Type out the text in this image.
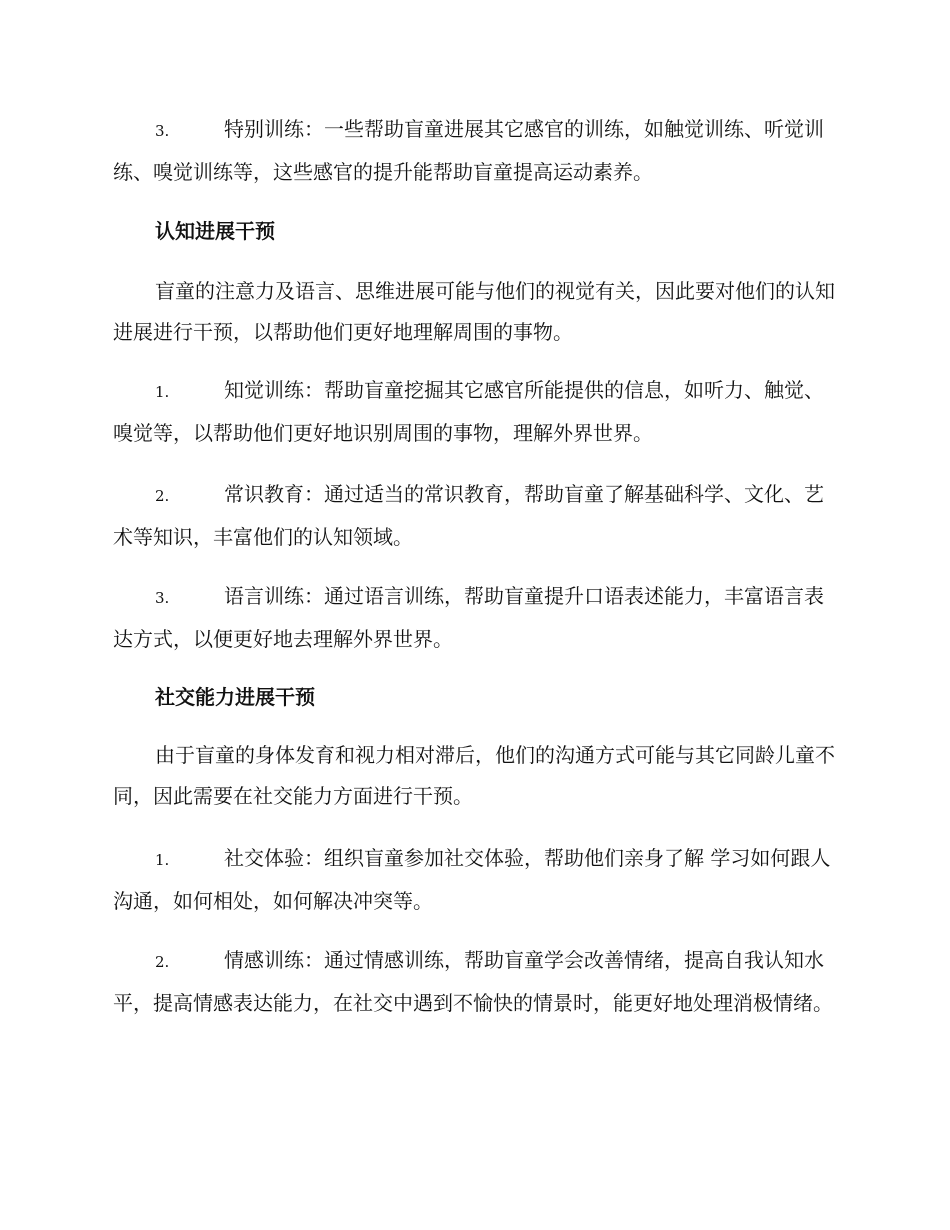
3.	特别训练：一些帮助盲童进展其它感官的训练，如触觉训练、听觉训练、嗅觉训练等，这些感官的提升能帮助盲童提高运动素养。
认知进展干预
盲童的注意力及语言、思维进展可能与他们的视觉有关，因此要对他们的认知进展进行干预，以帮助他们更好地理解周围的事物。
1.	知觉训练：帮助盲童挖掘其它感官所能提供的信息，如听力、触觉、嗅觉等，以帮助他们更好地识别周围的事物，理解外界世界。
2.	常识教育：通过适当的常识教育，帮助盲童了解基础科学、文化、艺术等知识，丰富他们的认知领域。
3.	语言训练：通过语言训练，帮助盲童提升口语表述能力，丰富语言表达方式，以便更好地去理解外界世界。
社交能力进展干预
由于盲童的身体发育和视力相对滞后，他们的沟通方式可能与其它同龄儿童不同，因此需要在社交能力方面进行干预。
1.	社交体验：组织盲童参加社交体验，帮助他们亲身了解 学习如何跟人沟通，如何相处，如何解决冲突等。
2.	情感训练：通过情感训练，帮助盲童学会改善情绪，提高自我认知水平，提高情感表达能力，在社交中遇到不愉快的情景时，能更好地处理消极情绪。
